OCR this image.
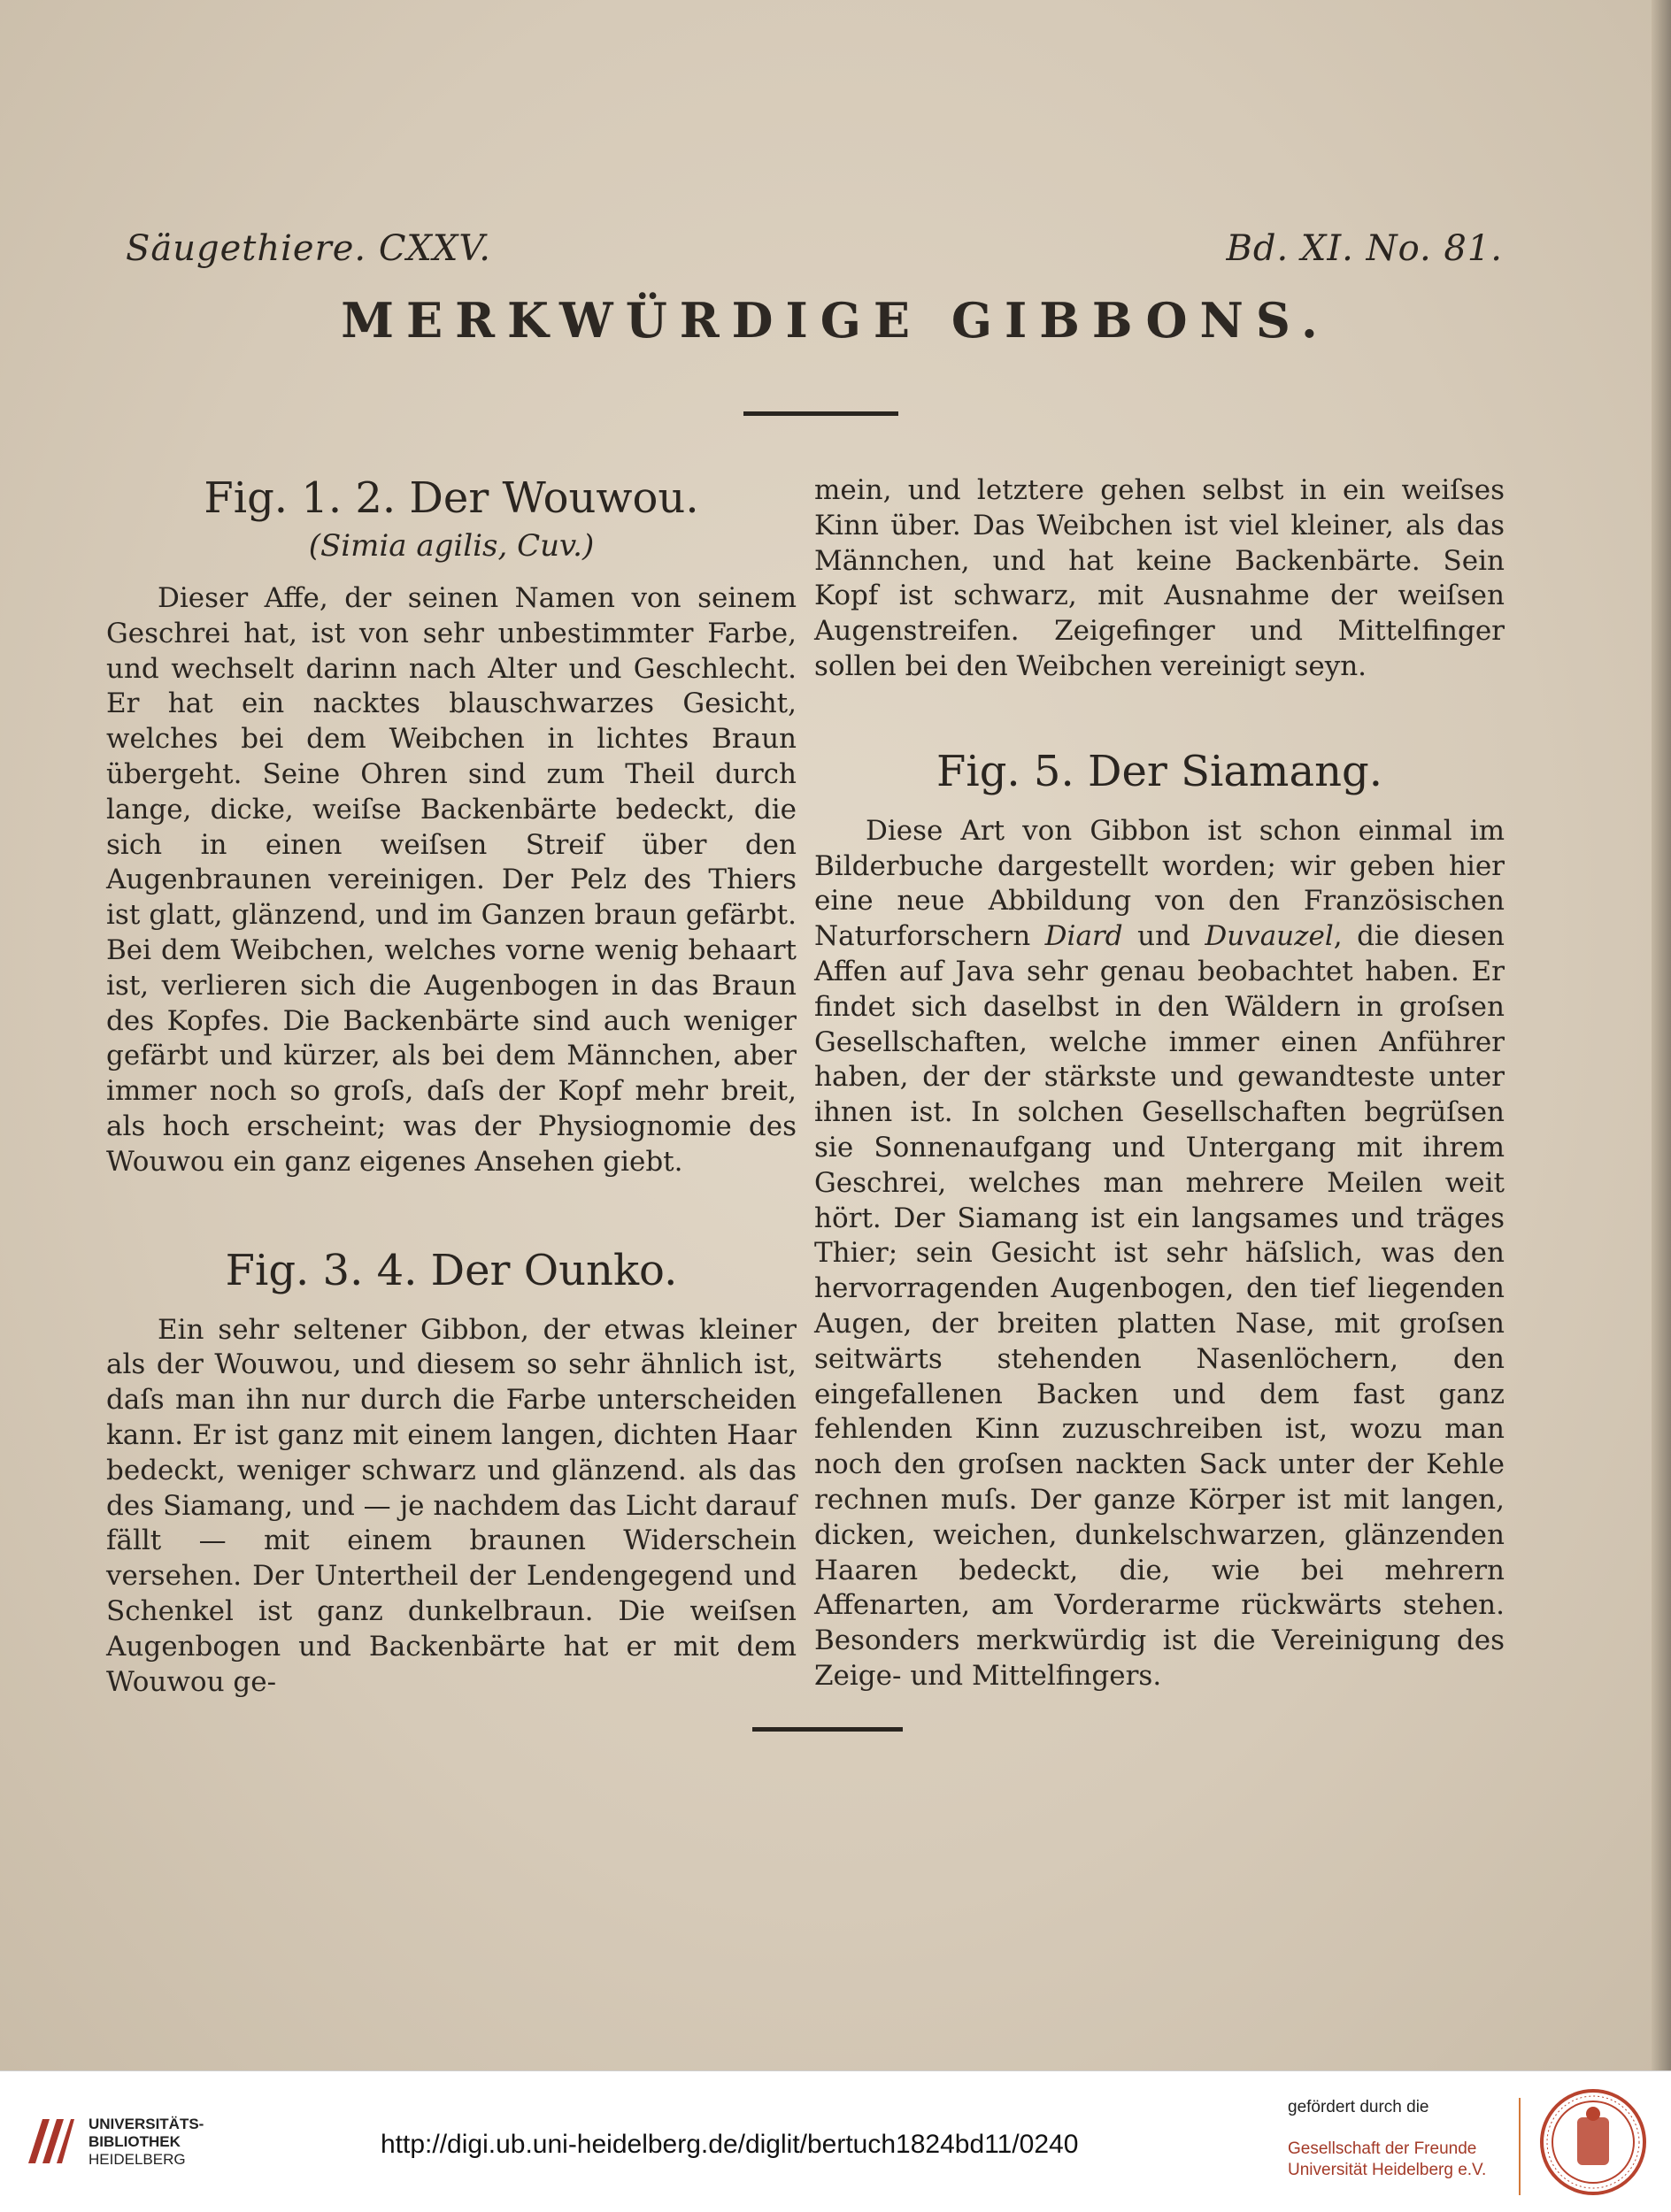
Säugethiere. CXXV.	Bd. XI. No. 81.
MERKWÜRDIGE GIBBONS.
Fig. 1. 2. Der Wouwou.

(Simia agilis, Cuv.)

Dieser Affe, der seinen Namen von seinem Geschrei hat, ist von sehr unbestimmter Farbe, und wechselt darinn nach Alter und Geschlecht. Er hat ein nacktes blauschwarzes Gesicht, welches bei dem Weibchen in lichtes Braun übergeht. Seine Ohren sind zum Theil durch lange, dicke, weiſse Backenbärte bedeckt, die sich in einen weiſsen Streif über den Augenbraunen vereinigen. Der Pelz des Thiers ist glatt, glänzend, und im Ganzen braun gefärbt. Bei dem Weibchen, welches vorne wenig behaart ist, verlieren sich die Augenbogen in das Braun des Kopfes. Die Backenbärte sind auch weniger gefärbt und kürzer, als bei dem Männchen, aber immer noch so groſs, daſs der Kopf mehr breit, als hoch erscheint; was der Physiognomie des Wouwou ein ganz eigenes Ansehen giebt.

Fig. 3. 4. Der Ounko.

Ein sehr seltener Gibbon, der etwas kleiner als der Wouwou, und diesem so sehr ähnlich ist, daſs man ihn nur durch die Farbe unterscheiden kann. Er ist ganz mit einem langen, dichten Haar bedeckt, weniger schwarz und glänzend. als das des Siamang, und — je nachdem das Licht darauf fällt — mit einem braunen Widerschein versehen. Der Untertheil der Lendengegend und Schenkel ist ganz dunkelbraun. Die weiſsen Augenbogen und Backenbärte hat er mit dem Wouwou ge-

mein, und letztere gehen selbst in ein weiſses Kinn über. Das Weibchen ist viel kleiner, als das Männchen, und hat keine Backenbärte. Sein Kopf ist schwarz, mit Ausnahme der weiſsen Augenstreifen. Zeigefinger und Mittelfinger sollen bei den Weibchen vereinigt seyn.

Fig. 5. Der Siamang.

Diese Art von Gibbon ist schon einmal im Bilderbuche dargestellt worden; wir geben hier eine neue Abbildung von den Französischen Naturforschern Diard und Duvauzel, die diesen Affen auf Java sehr genau beobachtet haben. Er findet sich daselbst in den Wäldern in groſsen Gesellschaften, welche immer einen Anführer haben, der der stärkste und gewandteste unter ihnen ist. In solchen Gesellschaften begrüſsen sie Sonnenaufgang und Untergang mit ihrem Geschrei, welches man mehrere Meilen weit hört. Der Siamang ist ein langsames und träges Thier; sein Gesicht ist sehr häſslich, was den hervorragenden Augenbogen, den tief liegenden Augen, der breiten platten Nase, mit groſsen seitwärts stehenden Nasenlöchern, den eingefallenen Backen und dem fast ganz fehlenden Kinn zuzuschreiben ist, wozu man noch den groſsen nackten Sack unter der Kehle rechnen muſs. Der ganze Körper ist mit langen, dicken, weichen, dunkelschwarzen, glänzenden Haaren bedeckt, die, wie bei mehrern Affenarten, am Vorderarme rückwärts stehen. Besonders merkwürdig ist die Vereinigung des Zeige- und Mittelfingers.

UNIVERSITÄTS-
BIBLIOTHEK
HEIDELBERG
http://digi.ub.uni-heidelberg.de/diglit/bertuch1824bd11/0240
gefördert durch die
Gesellschaft der Freunde
Universität Heidelberg e.V.
